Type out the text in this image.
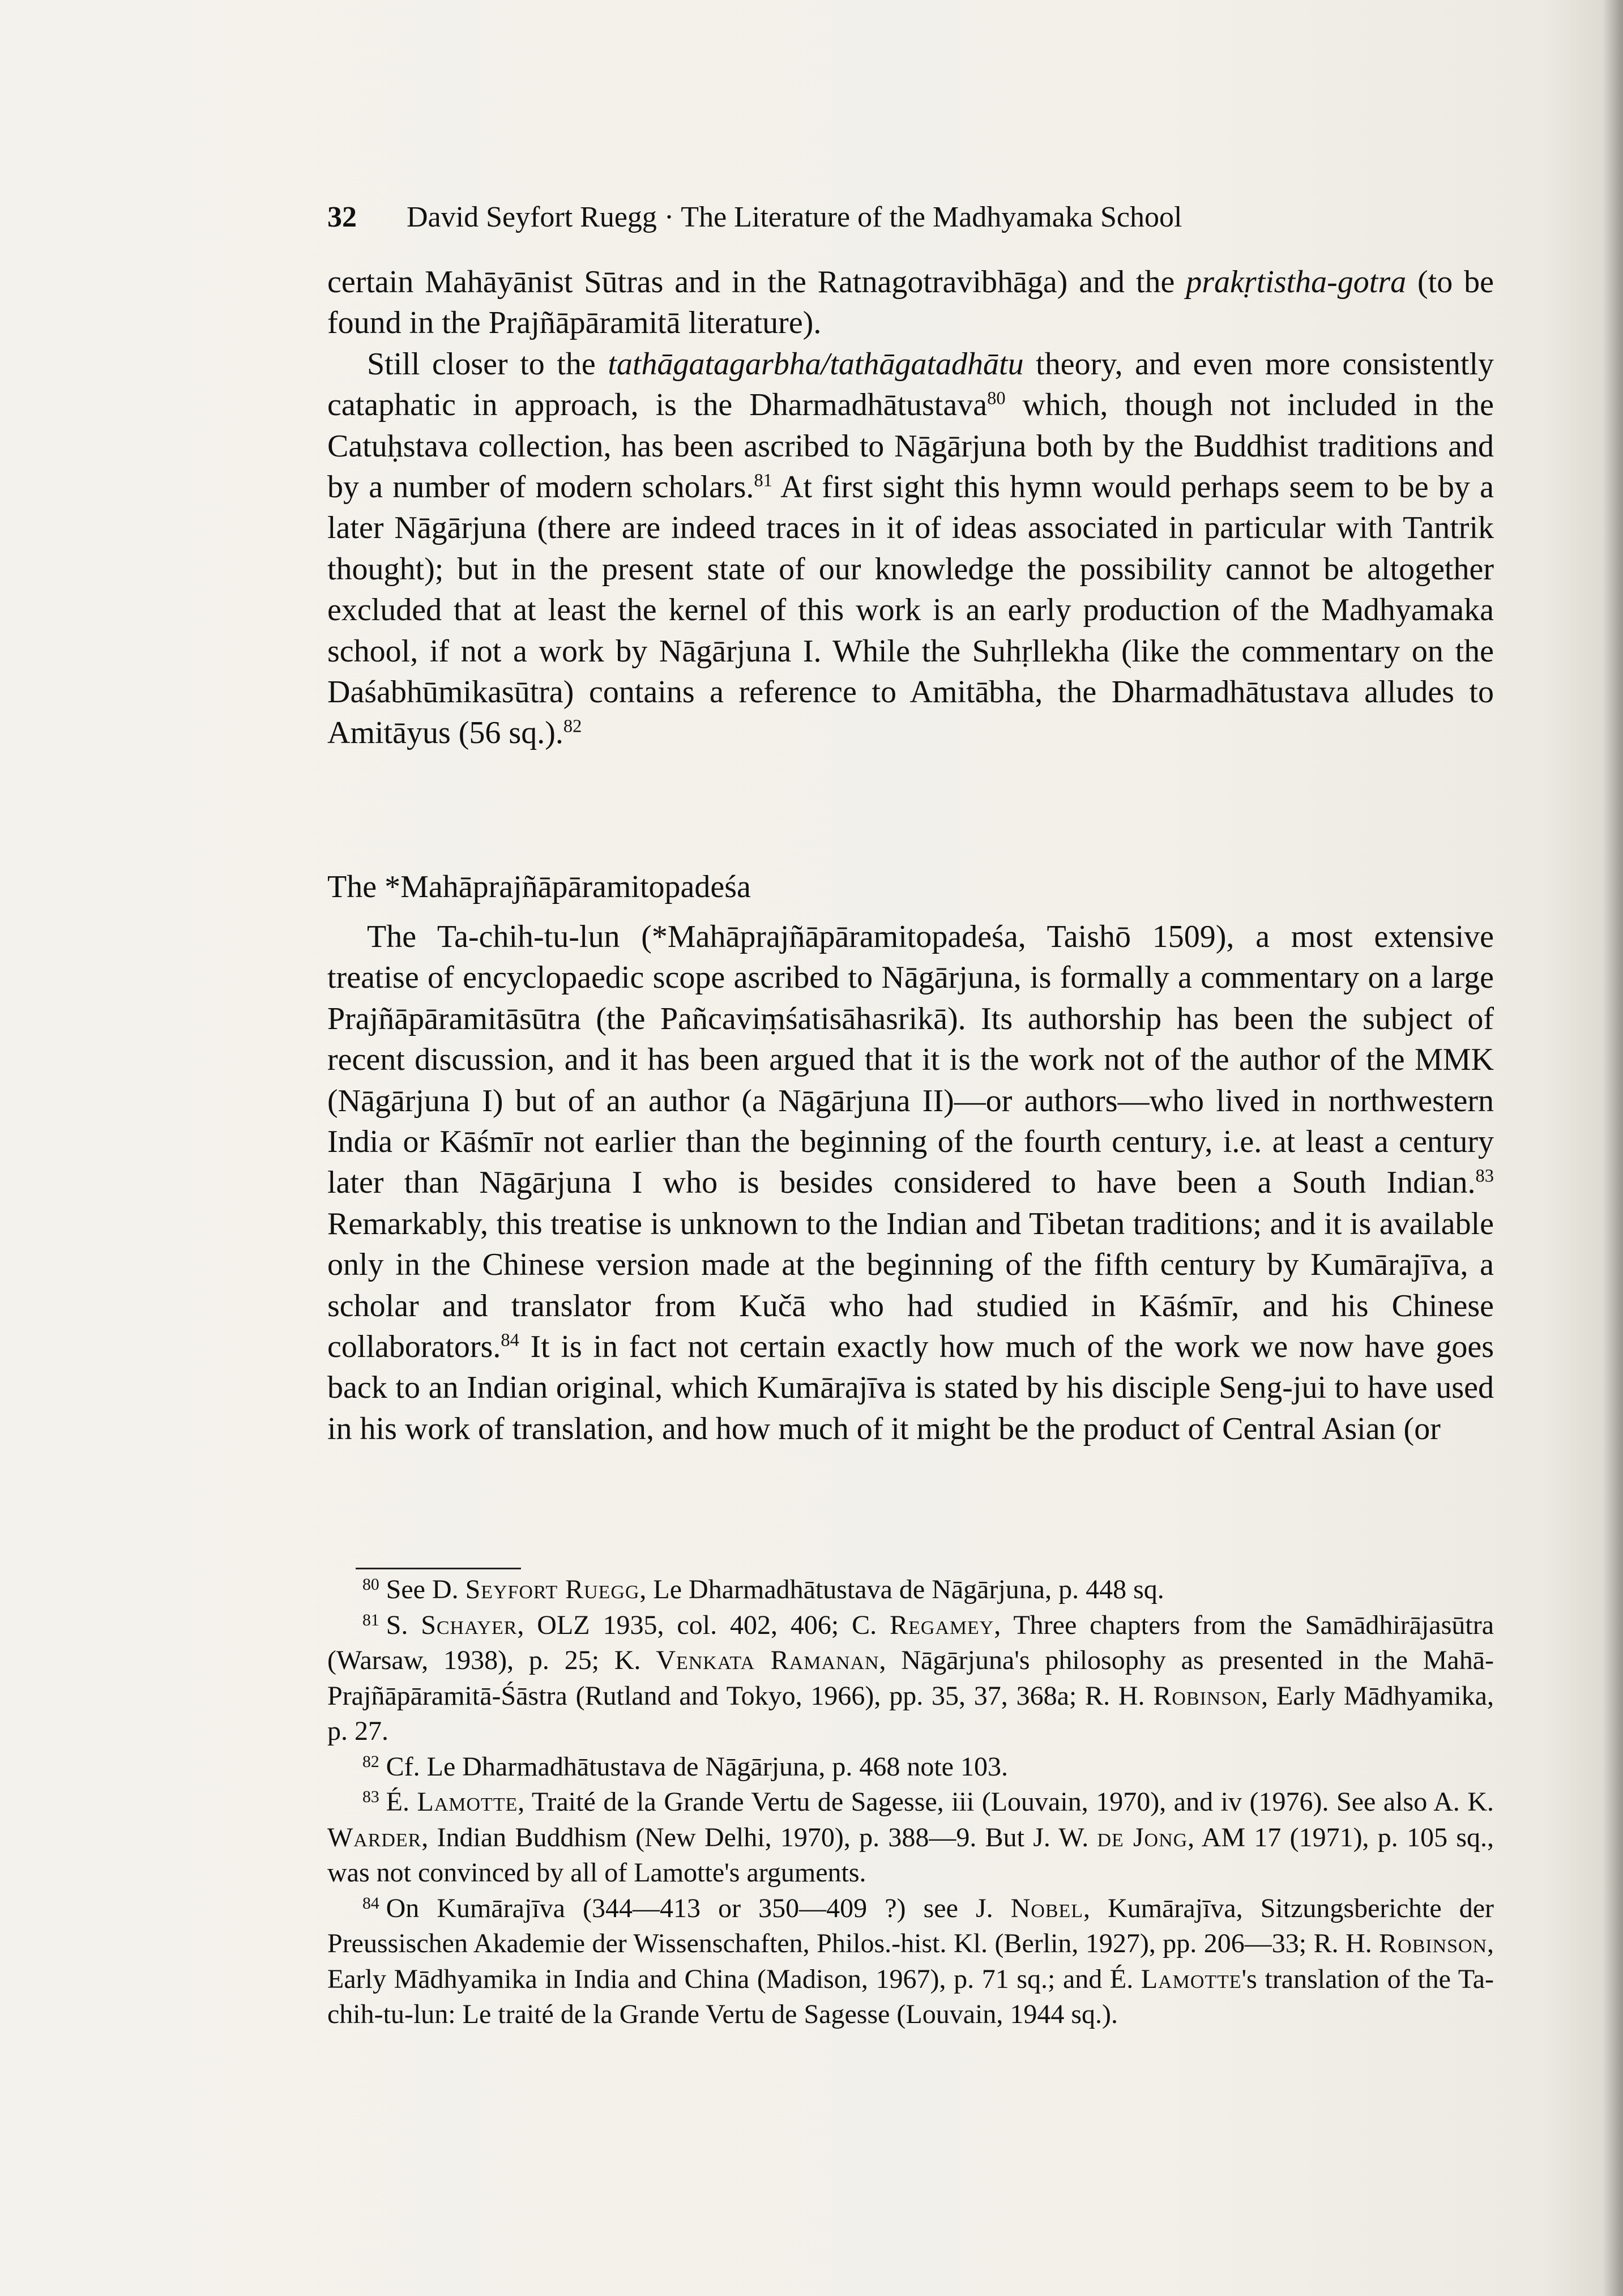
32 David Seyfort Ruegg · The Literature of the Madhyamaka School

certain Mahāyānist Sūtras and in the Ratnagotravibhāga) and the prakṛtistha-gotra (to be found in the Prajñāpāramitā literature).

Still closer to the tathāgatagarbha/tathāgatadhātu theory, and even more consistently cataphatic in approach, is the Dharmadhātustava$^{80}$ which, though not included in the Catuḥstava collection, has been ascribed to Nāgārjuna both by the Buddhist traditions and by a number of modern scholars.$^{81}$ At first sight this hymn would perhaps seem to be by a later Nāgārjuna (there are indeed traces in it of ideas associated in particular with Tantrik thought); but in the present state of our knowledge the possibility cannot be altogether excluded that at least the kernel of this work is an early production of the Madhyamaka school, if not a work by Nāgārjuna I. While the Suhṛllekha (like the commentary on the Daśabhūmikasūtra) contains a reference to Amitābha, the Dharmadhātustava alludes to Amitāyus (56 sq.).$^{82}$

The *Mahāprajñāpāramitopadeśa

The Ta-chih-tu-lun (*Mahāprajñāpāramitopadeśa, Taishō 1509), a most extensive treatise of encyclopaedic scope ascribed to Nāgārjuna, is formally a commentary on a large Prajñāpāramitāsūtra (the Pañcaviṃśatisāhasrikā). Its authorship has been the subject of recent discussion, and it has been argued that it is the work not of the author of the MMK (Nāgārjuna I) but of an author (a Nāgārjuna II)—or authors—who lived in northwestern India or Kāśmīr not earlier than the beginning of the fourth century, i.e. at least a century later than Nāgārjuna I who is besides considered to have been a South Indian.$^{83}$ Remarkably, this treatise is unknown to the Indian and Tibetan traditions; and it is available only in the Chinese version made at the beginning of the fifth century by Kumārajīva, a scholar and translator from Kučā who had studied in Kāśmīr, and his Chinese collaborators.$^{84}$ It is in fact not certain exactly how much of the work we now have goes back to an Indian original, which Kumārajīva is stated by his disciple Seng-jui to have used in his work of translation, and how much of it might be the product of Central Asian (or

$^{80}$ See D. Seyfort Ruegg, Le Dharmadhātustava de Nāgārjuna, p. 448 sq.

$^{81}$ S. Schayer, OLZ 1935, col. 402, 406; C. Regamey, Three chapters from the Samādhirājasūtra (Warsaw, 1938), p. 25; K. Venkata Ramanan, Nāgārjuna's philosophy as presented in the Mahā-Prajñāpāramitā-Śāstra (Rutland and Tokyo, 1966), pp. 35, 37, 368a; R. H. Robinson, Early Mādhyamika, p. 27.

$^{82}$ Cf. Le Dharmadhātustava de Nāgārjuna, p. 468 note 103.

$^{83}$ É. Lamotte, Traité de la Grande Vertu de Sagesse, iii (Louvain, 1970), and iv (1976). See also A. K. Warder, Indian Buddhism (New Delhi, 1970), p. 388—9. But J. W. de Jong, AM 17 (1971), p. 105 sq., was not convinced by all of Lamotte's arguments.

$^{84}$ On Kumārajīva (344—413 or 350—409 ?) see J. Nobel, Kumārajīva, Sitzungsberichte der Preussischen Akademie der Wissenschaften, Philos.-hist. Kl. (Berlin, 1927), pp. 206—33; R. H. Robinson, Early Mādhyamika in India and China (Madison, 1967), p. 71 sq.; and É. Lamotte's translation of the Ta-chih-tu-lun: Le traité de la Grande Vertu de Sagesse (Louvain, 1944 sq.).
